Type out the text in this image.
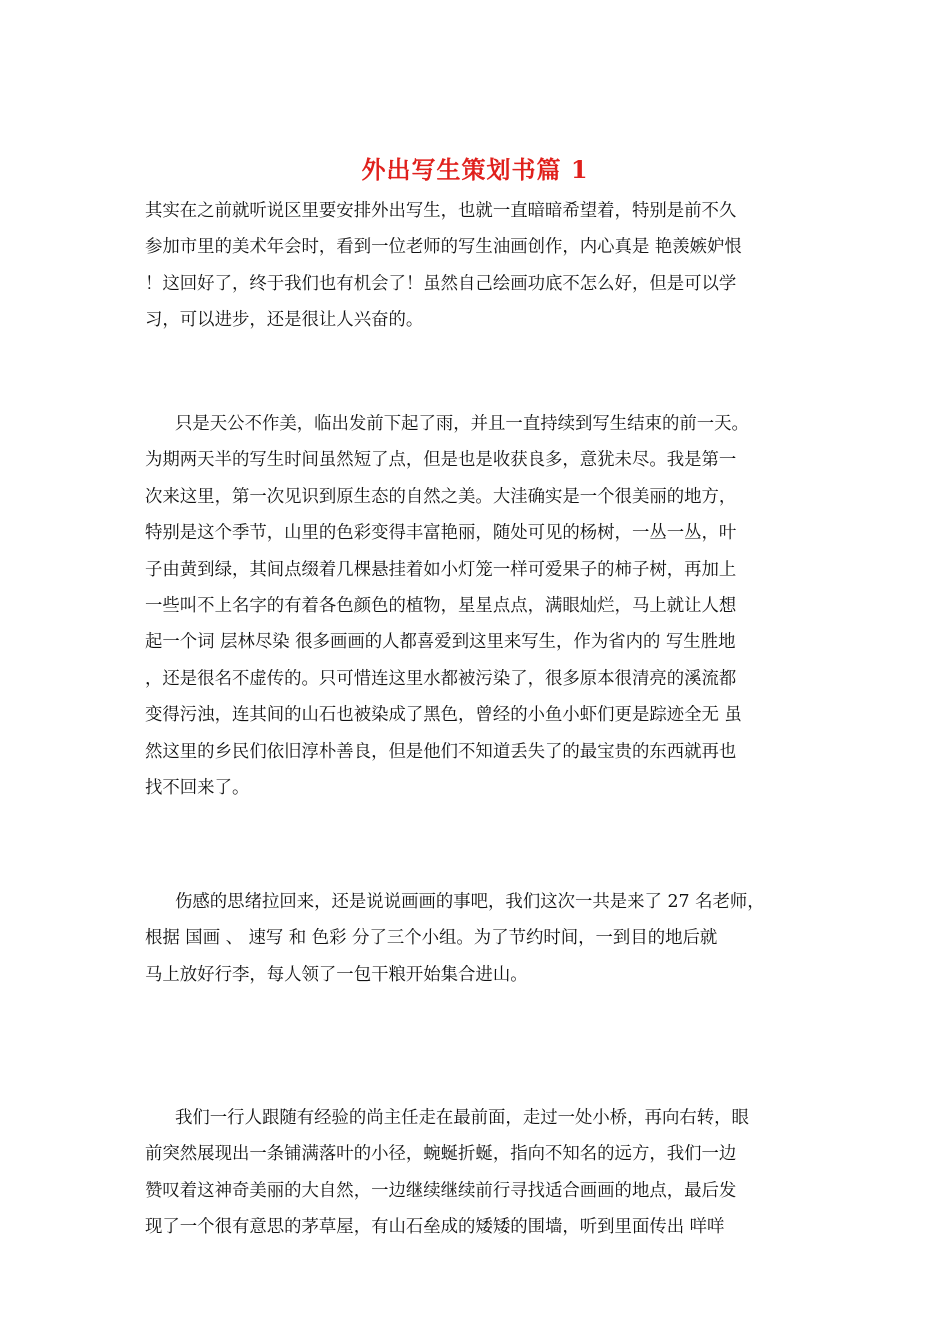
外出写生策划书篇 1
其实在之前就听说区里要安排外出写生，也就一直暗暗希望着，特别是前不久
参加市里的美术年会时，看到一位老师的写生油画创作，内心真是 艳羡嫉妒恨
！这回好了，终于我们也有机会了！虽然自己绘画功底不怎么好，但是可以学
习，可以进步，还是很让人兴奋的。
只是天公不作美，临出发前下起了雨，并且一直持续到写生结束的前一天。
为期两天半的写生时间虽然短了点，但是也是收获良多，意犹未尽。我是第一
次来这里，第一次见识到原生态的自然之美。大洼确实是一个很美丽的地方，
特别是这个季节，山里的色彩变得丰富艳丽，随处可见的杨树，一丛一丛，叶
子由黄到绿，其间点缀着几棵悬挂着如小灯笼一样可爱果子的柿子树，再加上
一些叫不上名字的有着各色颜色的植物，星星点点，满眼灿烂，马上就让人想
起一个词 层林尽染 很多画画的人都喜爱到这里来写生，作为省内的 写生胜地
，还是很名不虚传的。只可惜连这里水都被污染了，很多原本很清亮的溪流都
变得污浊，连其间的山石也被染成了黑色，曾经的小鱼小虾们更是踪迹全无 虽
然这里的乡民们依旧淳朴善良，但是他们不知道丢失了的最宝贵的东西就再也
找不回来了。
伤感的思绪拉回来，还是说说画画的事吧，我们这次一共是来了 27 名老师，
根据 国画 、 速写 和 色彩 分了三个小组。为了节约时间，一到目的地后就
马上放好行李，每人领了一包干粮开始集合进山。
我们一行人跟随有经验的尚主任走在最前面，走过一处小桥，再向右转，眼
前突然展现出一条铺满落叶的小径，蜿蜒折蜒，指向不知名的远方，我们一边
赞叹着这神奇美丽的大自然，一边继续继续前行寻找适合画画的地点，最后发
现了一个很有意思的茅草屋，有山石垒成的矮矮的围墙，听到里面传出 咩咩
